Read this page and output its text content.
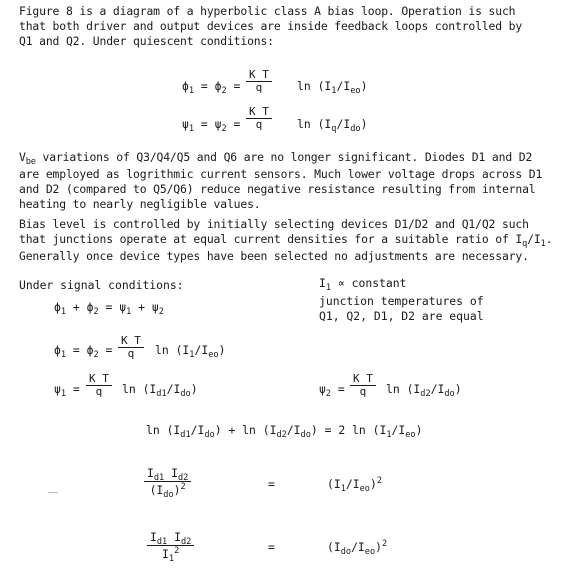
Figure 8 is a diagram of a hyperbolic class A bias loop. Operation is such
that both driver and output devices are inside feedback loops controlled by
Q1 and Q2. Under quiescent conditions:
$\phi_1 = \phi_2 = \frac{\text{K T}}{q}$ $\ln (I_1/I_{eo})$
$\psi_1 = \psi_2 = \frac{\text{K T}}{q}$ $\ln (I_q/I_{do})$
$V_{be}$ variations of Q3/Q4/Q5 and Q6 are no longer significant. Diodes D1 and D2
are employed as logrithmic current sensors. Much lower voltage drops across D1
and D2 (compared to Q5/Q6) reduce negative resistance resulting from internal
heating to nearly negligible values.
Bias level is controlled by initially selecting devices D1/D2 and Q1/Q2 such
that junctions operate at equal current densities for a suitable ratio of $I_q/I_1$.
Generally once device types have been selected no adjustments are necessary.
Under signal conditions:	$I_1$ ∝ constant
junction temperatures of
Q1, Q2, D1, D2 are equal
$\phi_1 + \phi_2 = \psi_1 + \psi_2$
$\phi_1 = \phi_2 = \frac{\text{K T}}{q}$ $\ln (I_1/I_{eo})$
$\psi_1 = \frac{\text{K T}}{q}$ $\ln (I_{d1}/I_{do})$	$\psi_2 = \frac{\text{K T}}{q}$ $\ln (I_{d2}/I_{do})$
$\ln (I_{d1}/I_{do}) + \ln (I_{d2}/I_{do}) = 2$ $\ln (I_1/I_{eo})$
$I_{d1}$ $I_{d2}$
$(I_{do})^2$	=	$(I_1/I_{eo})^2$
$\frac{I_{d1} I_{d2}}{I_1^2}$	=	$(I_{do}/I_{eo})^2$
